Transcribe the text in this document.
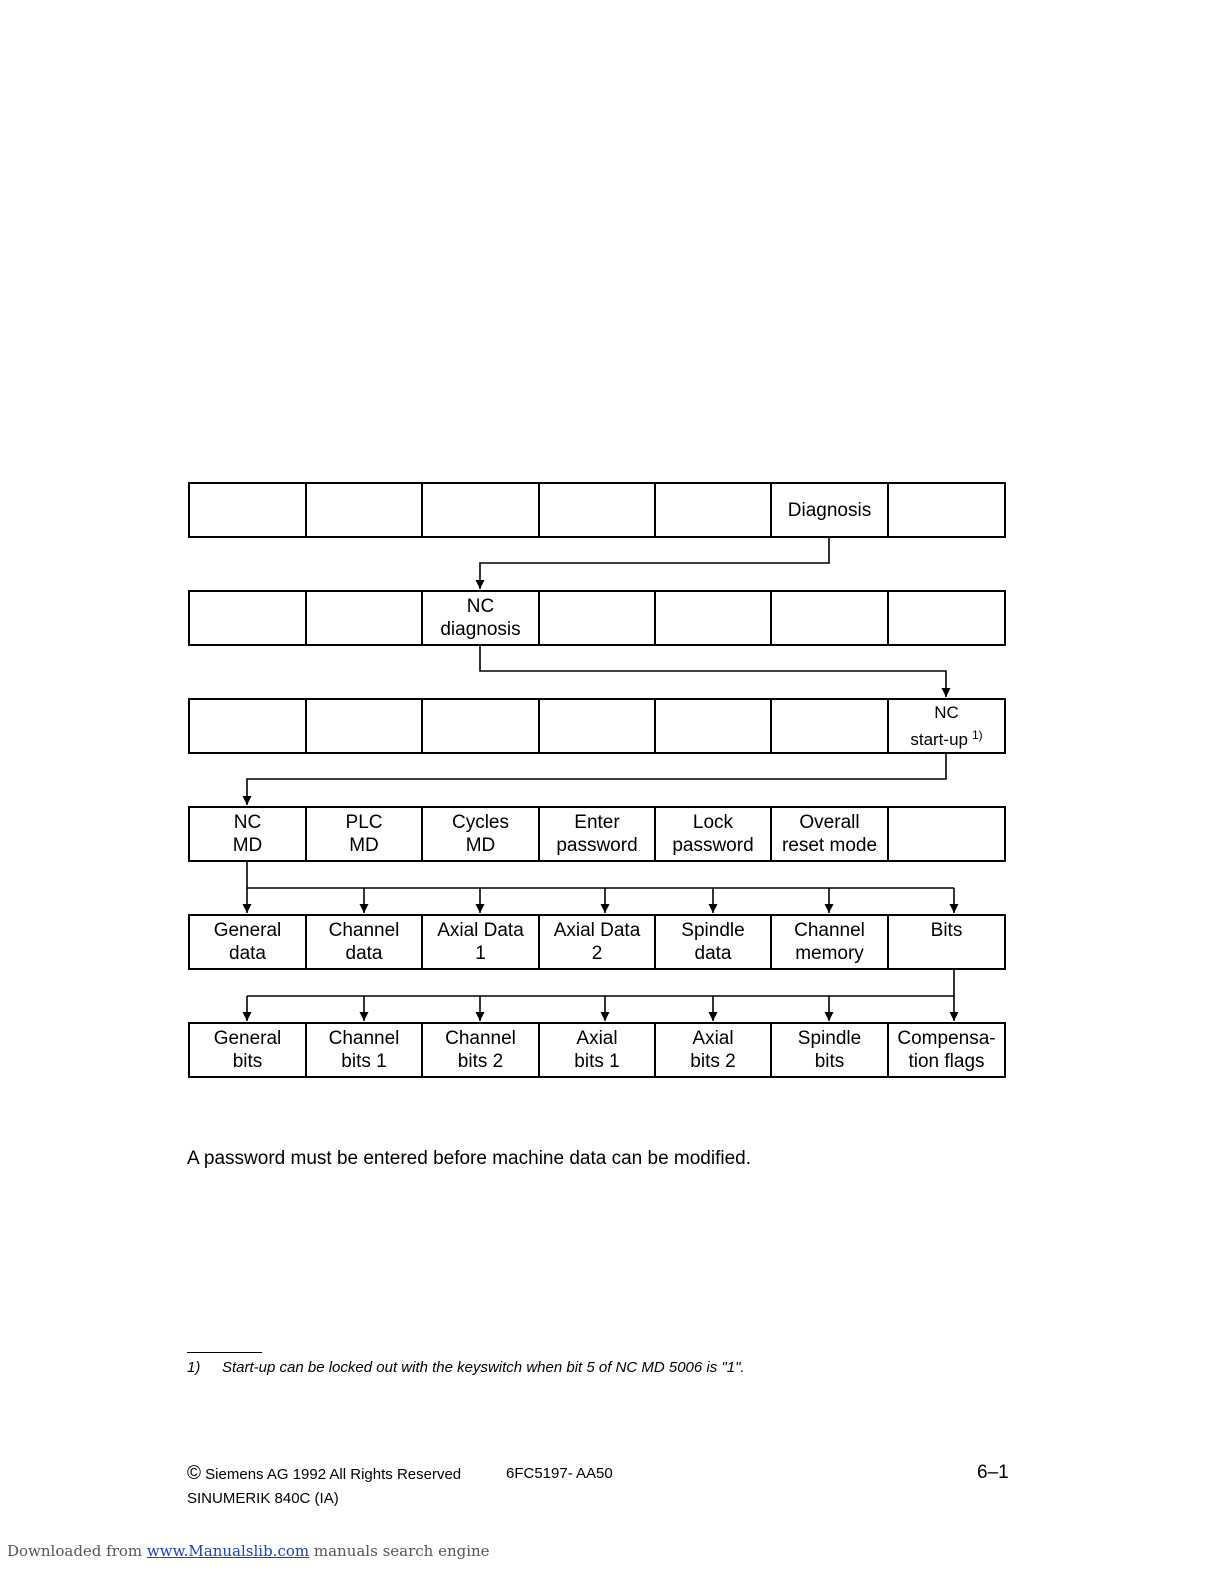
Diagnosis
NC
diagnosis
NC
start-up $^{1)}$
NC
MD
PLC
MD
Cycles
MD
Enter
password
Lock
password
Overall
reset mode
General
data
Channel
data
Axial Data
1
Axial Data
2
Spindle
data
Channel
memory
Bits
General
bits
Channel
bits 1
Channel
bits 2
Axial
bits 1
Axial
bits 2
Spindle
bits
Compensa-
tion flags
A password must be entered before machine data can be modified.
1) Start-up can be locked out with the keyswitch when bit 5 of NC MD 5006 is "1".
© Siemens AG 1992 All Rights Reserved	6FC5197- AA50	6–1
SINUMERIK 840C (IA)
Downloaded from www.Manualslib.com manuals search engine
